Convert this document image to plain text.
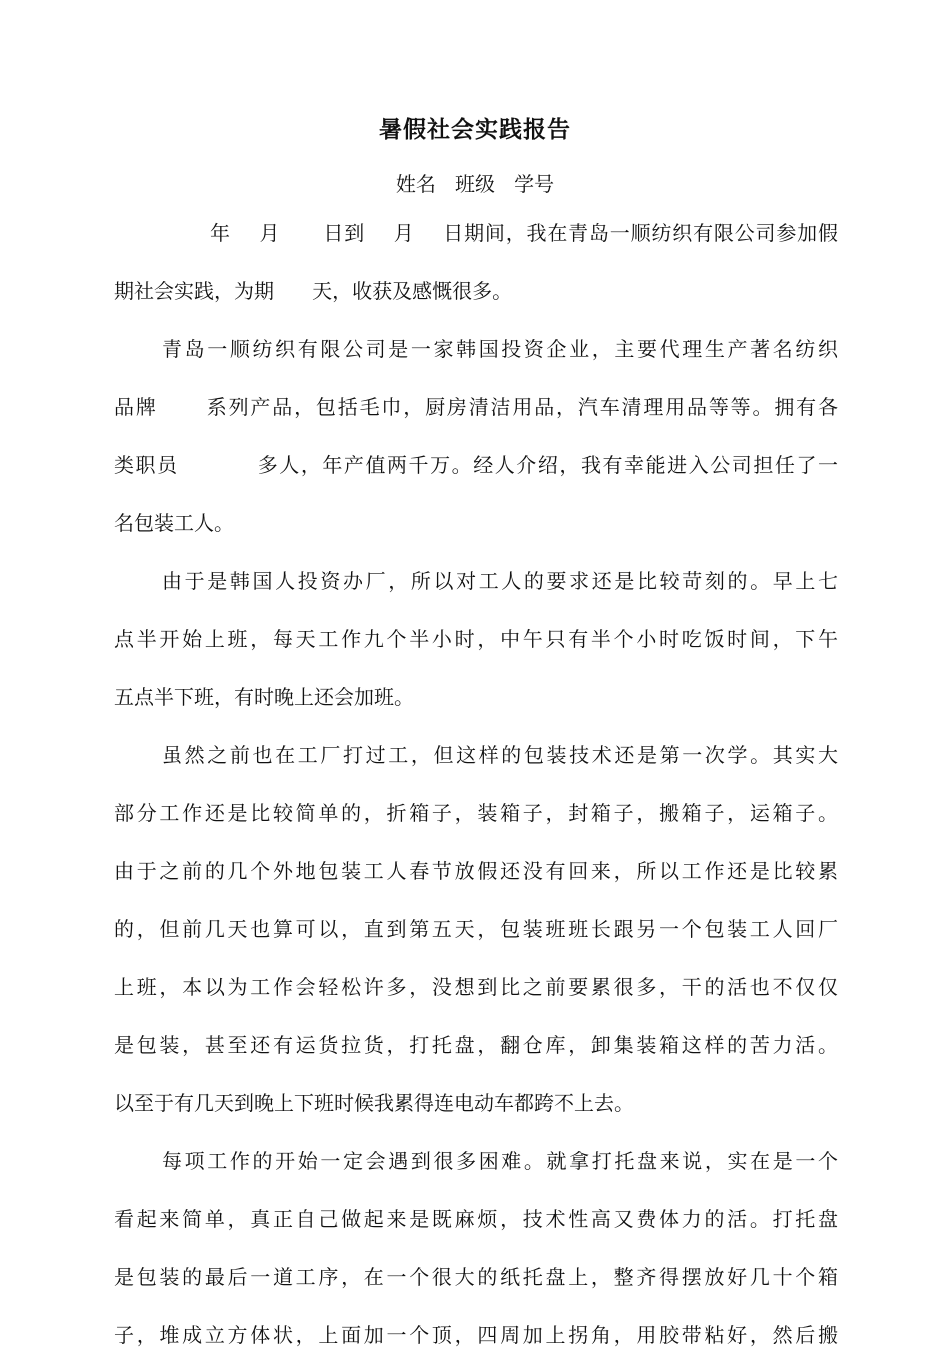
暑假社会实践报告
姓名   班级   学号
年    月      日到    月    日期间，我在青岛一顺纺织有限公司参加假
期社会实践，为期      天，收获及感慨很多。
青岛一顺纺织有限公司是一家韩国投资企业，主要代理生产著名纺织
品牌      系列产品，包括毛巾，厨房清洁用品，汽车清理用品等等。拥有各
类职员          多人，年产值两千万。经人介绍，我有幸能进入公司担任了一
名包装工人。
由于是韩国人投资办厂，所以对工人的要求还是比较苛刻的。早上七
点半开始上班，每天工作九个半小时，中午只有半个小时吃饭时间，下午
五点半下班，有时晚上还会加班。
虽然之前也在工厂打过工，但这样的包装技术还是第一次学。其实大
部分工作还是比较简单的，折箱子，装箱子，封箱子，搬箱子，运箱子。
由于之前的几个外地包装工人春节放假还没有回来，所以工作还是比较累
的，但前几天也算可以，直到第五天，包装班班长跟另一个包装工人回厂
上班，本以为工作会轻松许多，没想到比之前要累很多，干的活也不仅仅
是包装，甚至还有运货拉货，打托盘，翻仓库，卸集装箱这样的苦力活。
以至于有几天到晚上下班时候我累得连电动车都跨不上去。
每项工作的开始一定会遇到很多困难。就拿打托盘来说，实在是一个
看起来简单，真正自己做起来是既麻烦，技术性高又费体力的活。打托盘
是包装的最后一道工序，在一个很大的纸托盘上，整齐得摆放好几十个箱
子，堆成立方体状，上面加一个顶，四周加上拐角，用胶带粘好，然后搬
